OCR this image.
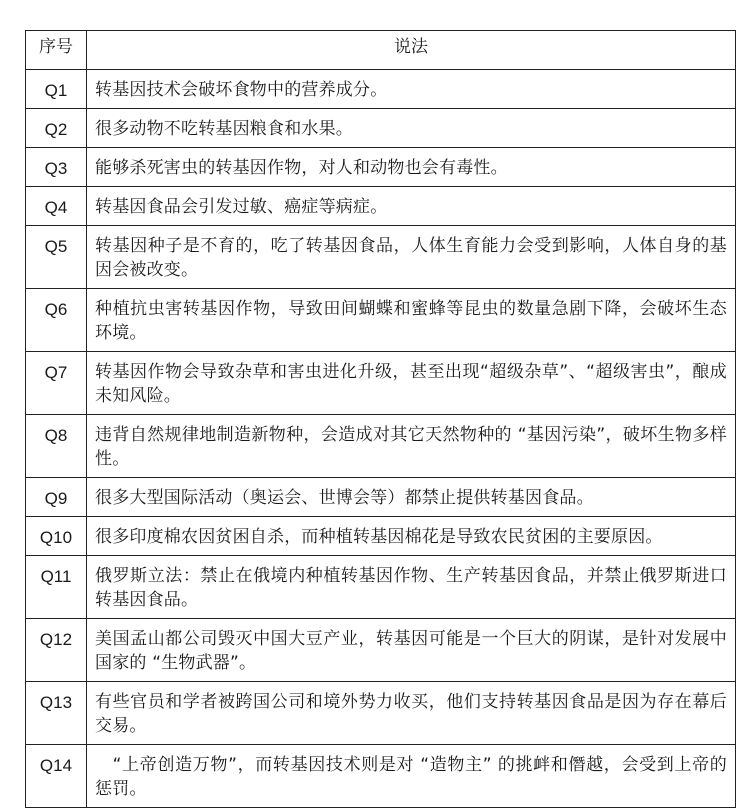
序号	说法
Q1	转基因技术会破坏食物中的营养成分。
Q2	很多动物不吃转基因粮食和水果。
Q3	能够杀死害虫的转基因作物，对人和动物也会有毒性。
Q4	转基因食品会引发过敏、癌症等病症。
Q5	转基因种子是不育的，吃了转基因食品，人体生育能力会受到影响，人体自身的基因会被改变。
Q6	种植抗虫害转基因作物，导致田间蝴蝶和蜜蜂等昆虫的数量急剧下降，会破坏生态环境。
Q7	转基因作物会导致杂草和害虫进化升级，甚至出现“超级杂草”、“超级害虫”，酿成未知风险。
Q8	违背自然规律地制造新物种，会造成对其它天然物种的 “基因污染”，破坏生物多样性。
Q9	很多大型国际活动（奥运会、世博会等）都禁止提供转基因食品。
Q10	很多印度棉农因贫困自杀，而种植转基因棉花是导致农民贫困的主要原因。
Q11	俄罗斯立法：禁止在俄境内种植转基因作物、生产转基因食品，并禁止俄罗斯进口转基因食品。
Q12	美国孟山都公司毁灭中国大豆产业，转基因可能是一个巨大的阴谋，是针对发展中国家的 “生物武器”。
Q13	有些官员和学者被跨国公司和境外势力收买，他们支持转基因食品是因为存在幕后交易。
Q14	　“上帝创造万物”，而转基因技术则是对 “造物主” 的挑衅和僭越，会受到上帝的惩罚。
